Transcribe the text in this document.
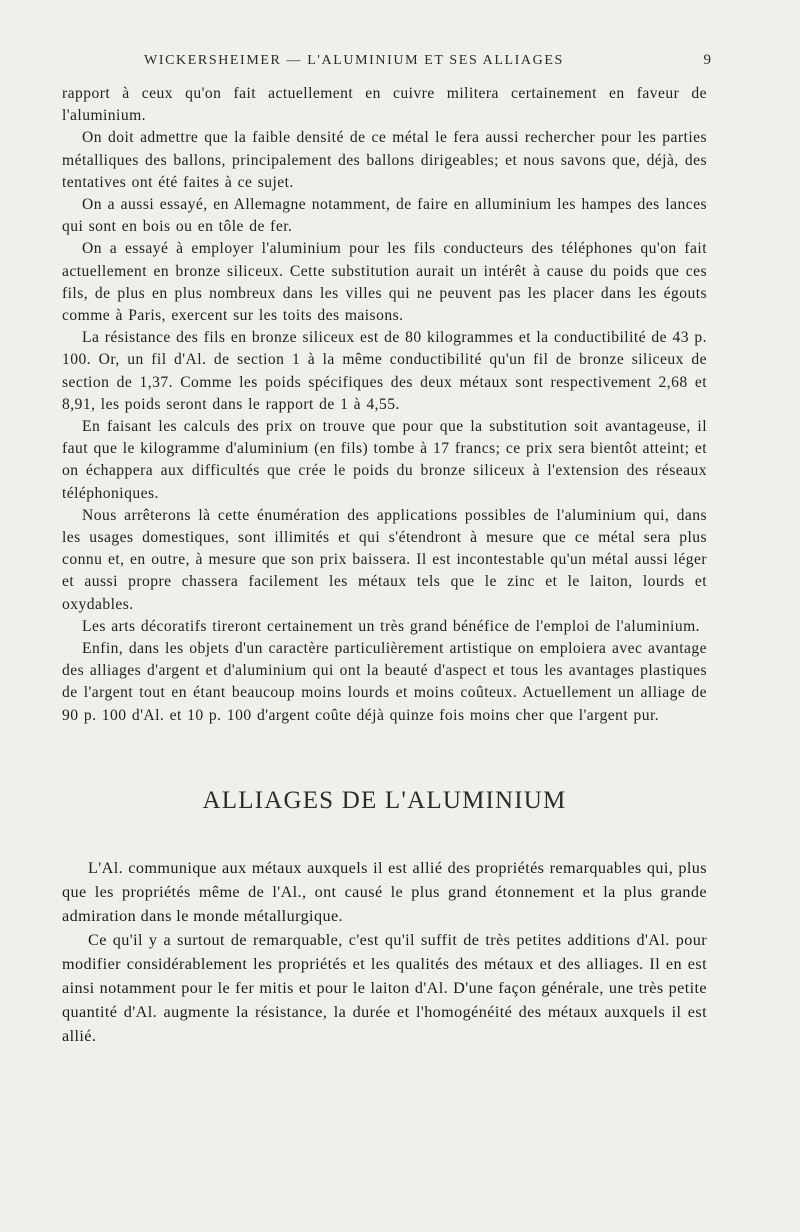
WICKERSHEIMER — L'ALUMINIUM ET SES ALLIAGES	9

rapport à ceux qu'on fait actuellement en cuivre militera certainement en faveur de l'aluminium.

On doit admettre que la faible densité de ce métal le fera aussi rechercher pour les parties métalliques des ballons, principalement des ballons dirigeables; et nous savons que, déjà, des tentatives ont été faites à ce sujet.

On a aussi essayé, en Allemagne notamment, de faire en alluminium les hampes des lances qui sont en bois ou en tôle de fer.

On a essayé à employer l'aluminium pour les fils conducteurs des téléphones qu'on fait actuellement en bronze siliceux. Cette substitution aurait un intérêt à cause du poids que ces fils, de plus en plus nombreux dans les villes qui ne peuvent pas les placer dans les égouts comme à Paris, exercent sur les toits des maisons.

La résistance des fils en bronze siliceux est de 80 kilogrammes et la conductibilité de 43 p. 100. Or, un fil d'Al. de section 1 à la même conductibilité qu'un fil de bronze siliceux de section de 1,37. Comme les poids spécifiques des deux métaux sont respectivement 2,68 et 8,91, les poids seront dans le rapport de 1 à 4,55.

En faisant les calculs des prix on trouve que pour que la substitution soit avantageuse, il faut que le kilogramme d'aluminium (en fils) tombe à 17 francs; ce prix sera bientôt atteint; et on échappera aux difficultés que crée le poids du bronze siliceux à l'extension des réseaux téléphoniques.

Nous arrêterons là cette énumération des applications possibles de l'aluminium qui, dans les usages domestiques, sont illimités et qui s'étendront à mesure que ce métal sera plus connu et, en outre, à mesure que son prix baissera. Il est incontestable qu'un métal aussi léger et aussi propre chassera facilement les métaux tels que le zinc et le laiton, lourds et oxydables.

Les arts décoratifs tireront certainement un très grand bénéfice de l'emploi de l'aluminium.

Enfin, dans les objets d'un caractère particulièrement artistique on emploiera avec avantage des alliages d'argent et d'aluminium qui ont la beauté d'aspect et tous les avantages plastiques de l'argent tout en étant beaucoup moins lourds et moins coûteux. Actuellement un alliage de 90 p. 100 d'Al. et 10 p. 100 d'argent coûte déjà quinze fois moins cher que l'argent pur.

ALLIAGES DE L'ALUMINIUM

L'Al. communique aux métaux auxquels il est allié des propriétés remarquables qui, plus que les propriétés même de l'Al., ont causé le plus grand étonnement et la plus grande admiration dans le monde métallurgique.

Ce qu'il y a surtout de remarquable, c'est qu'il suffit de très petites additions d'Al. pour modifier considérablement les propriétés et les qualités des métaux et des alliages. Il en est ainsi notamment pour le fer mitis et pour le laiton d'Al. D'une façon générale, une très petite quantité d'Al. augmente la résistance, la durée et l'homogénéité des métaux auxquels il est allié.
